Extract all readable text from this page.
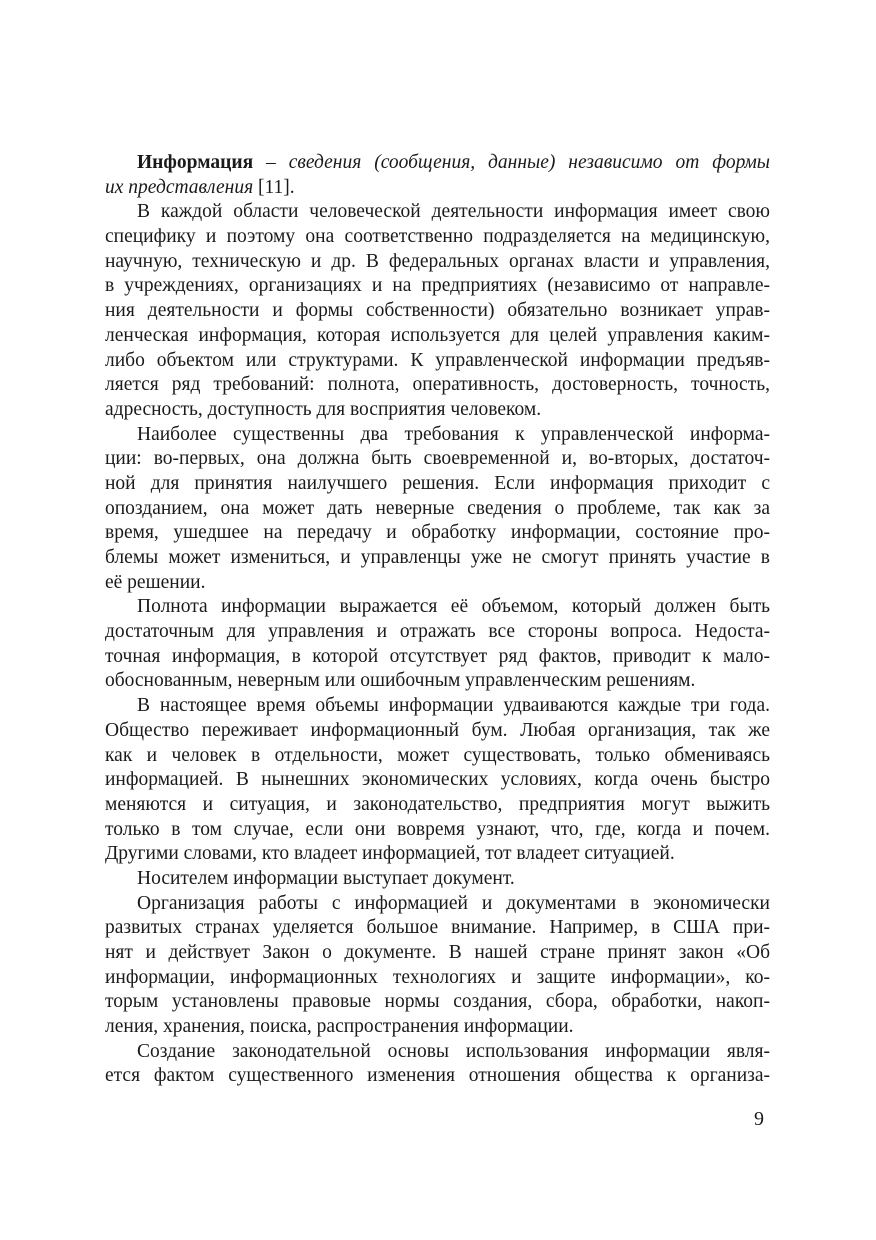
Информация – сведения (сообщения, данные) независимо от формы
их представления [11].
В каждой области человеческой деятельности информация имеет свою
специфику и поэтому она соответственно подразделяется на медицинскую,
научную, техническую и др. В федеральных органах власти и управления,
в учреждениях, организациях и на предприятиях (независимо от направле-
ния деятельности и формы собственности) обязательно возникает управ-
ленческая информация, которая используется для целей управления каким-
либо объектом или структурами. К управленческой информации предъяв-
ляется ряд требований: полнота, оперативность, достоверность, точность,
адресность, доступность для восприятия человеком.
Наиболее существенны два требования к управленческой информа-
ции: во-первых, она должна быть своевременной и, во-вторых, достаточ-
ной для принятия наилучшего решения. Если информация приходит с
опозданием, она может дать неверные сведения о проблеме, так как за
время, ушедшее на передачу и обработку информации, состояние про-
блемы может измениться, и управленцы уже не смогут принять участие в
её решении.
Полнота информации выражается её объемом, который должен быть
достаточным для управления и отражать все стороны вопроса. Недоста-
точная информация, в которой отсутствует ряд фактов, приводит к мало-
обоснованным, неверным или ошибочным управленческим решениям.
В настоящее время объемы информации удваиваются каждые три года.
Общество переживает информационный бум. Любая организация, так же
как и человек в отдельности, может существовать, только обмениваясь
информацией. В нынешних экономических условиях, когда очень быстро
меняются и ситуация, и законодательство, предприятия могут выжить
только в том случае, если они вовремя узнают, что, где, когда и почем.
Другими словами, кто владеет информацией, тот владеет ситуацией.
Носителем информации выступает документ.
Организация работы с информацией и документами в экономически
развитых странах уделяется большое внимание. Например, в США при-
нят и действует Закон о документе. В нашей стране принят закон «Об
информации, информационных технологиях и защите информации», ко-
торым установлены правовые нормы создания, сбора, обработки, накоп-
ления, хранения, поиска, распространения информации.
Создание законодательной основы использования информации явля-
ется фактом существенного изменения отношения общества к организа-
9
